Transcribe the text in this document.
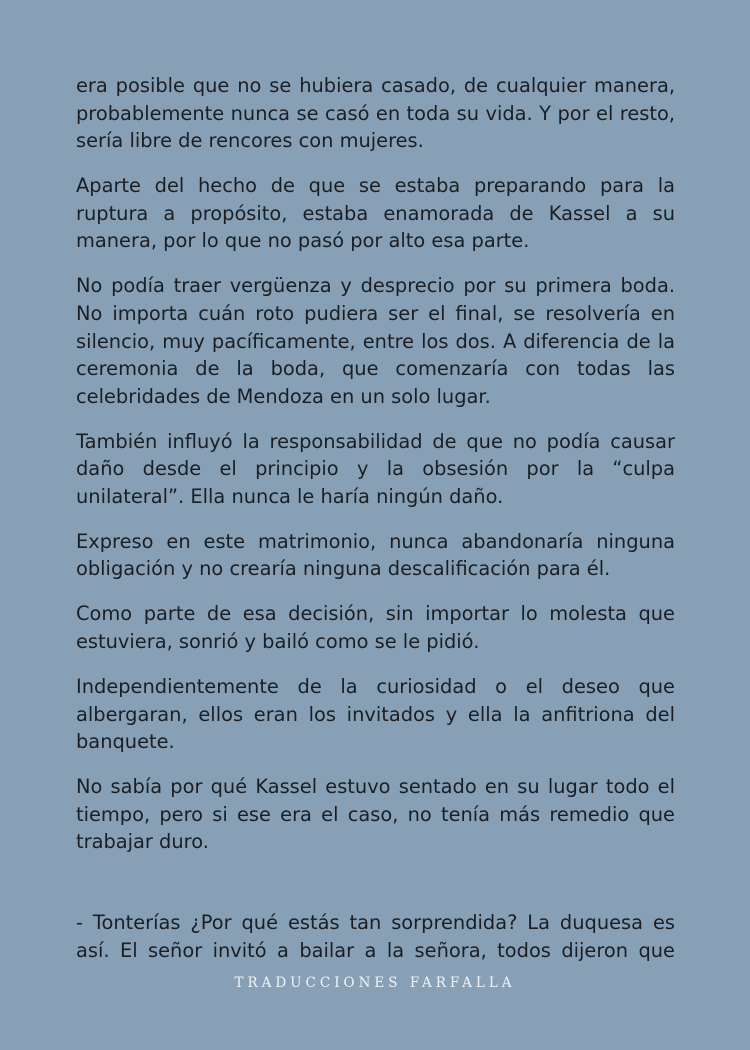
era posible que no se hubiera casado, de cualquier manera, probablemente nunca se casó en toda su vida. Y por el resto, sería libre de rencores con mujeres.

Aparte del hecho de que se estaba preparando para la ruptura a propósito, estaba enamorada de Kassel a su manera, por lo que no pasó por alto esa parte.

No podía traer vergüenza y desprecio por su primera boda. No importa cuán roto pudiera ser el final, se resolvería en silencio, muy pacíficamente, entre los dos. A diferencia de la ceremonia de la boda, que comenzaría con todas las celebridades de Mendoza en un solo lugar.

También influyó la responsabilidad de que no podía causar daño desde el principio y la obsesión por la “culpa unilateral”. Ella nunca le haría ningún daño.

Expreso en este matrimonio, nunca abandonaría ninguna obligación y no crearía ninguna descalificación para él.

Como parte de esa decisión, sin importar lo molesta que estuviera, sonrió y bailó como se le pidió.

Independientemente de la curiosidad o el deseo que albergaran, ellos eran los invitados y ella la anfitriona del banquete.

No sabía por qué Kassel estuvo sentado en su lugar todo el tiempo, pero si ese era el caso, no tenía más remedio que trabajar duro.

- Tonterías ¿Por qué estás tan sorprendida? La duquesa es así. El señor invitó a bailar a la señora, todos dijeron que
TRADUCCIONES FARFALLA
